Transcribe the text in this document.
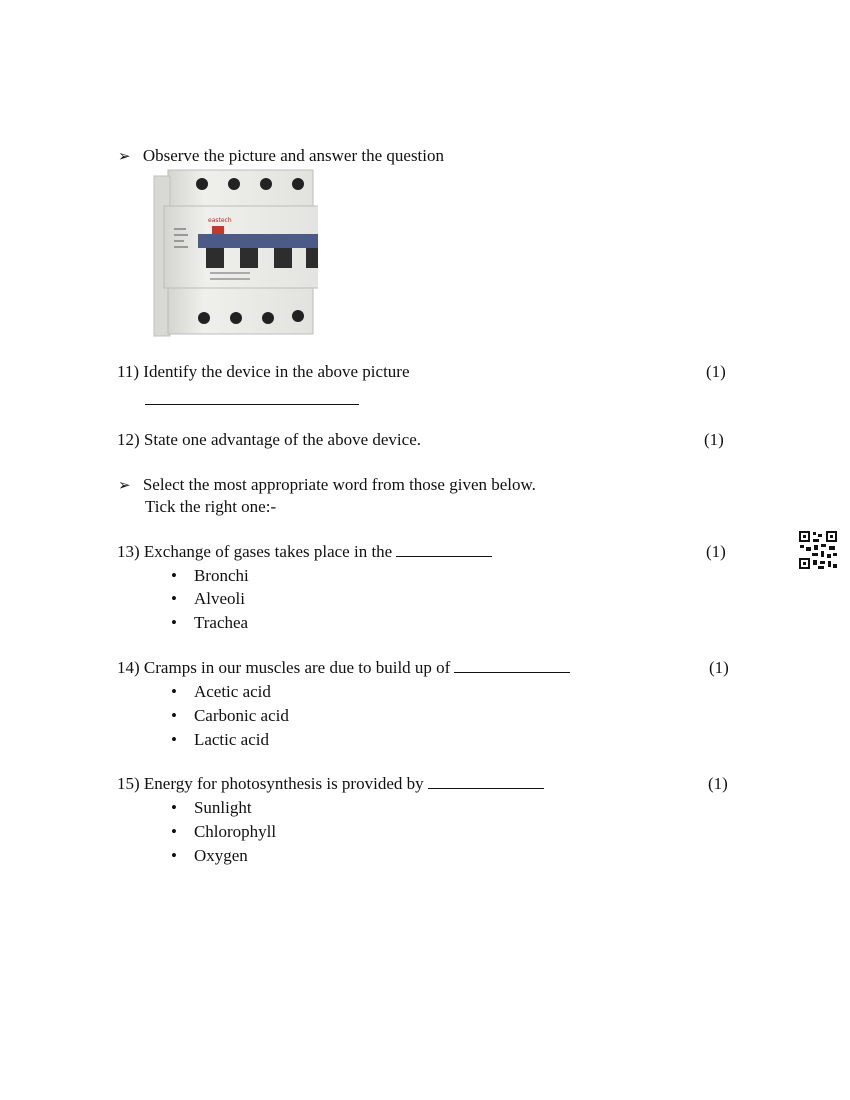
➢ Observe the picture and answer the question
eastech
11) Identify the device in the above picture	(1)
12) State one advantage of the above device.	(1)
➢ Select the most appropriate word from those given below.
Tick the right one:-
13) Exchange of gases takes place in the	(1)
• Bronchi
• Alveoli
• Trachea
14) Cramps in our muscles are due to build up of	(1)
• Acetic acid
• Carbonic acid
• Lactic acid
15) Energy for photosynthesis is provided by	(1)
• Sunlight
• Chlorophyll
• Oxygen
